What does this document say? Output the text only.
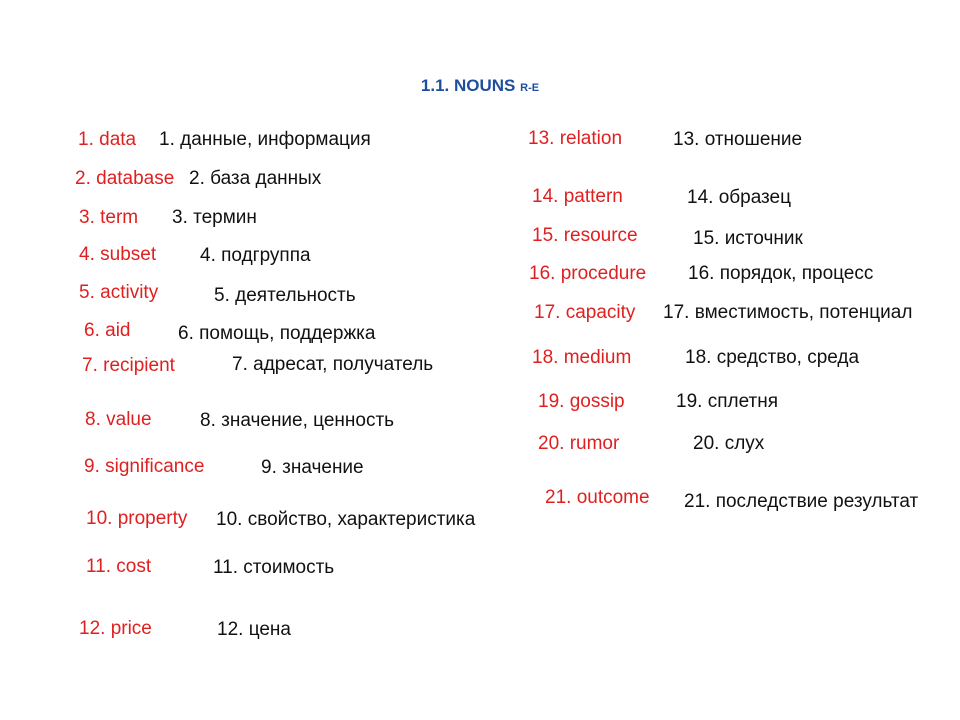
1.1. NOUNS R-E
1. data 1. данные, информация
2. database 2. база данных
3. term 3. термин
4. subset 4. подгруппа
5. activity	5. деятельность
6. aid	6. помощь, поддержка
7. recipient	7. адресат, получатель
8. value	8. значение, ценность
9. significance	9. значение
10. property 10. свойство, характеристика
11. cost	11. стоимость
12. price	12. цена
13. relation	13. отношение
14. pattern	14. образец
15. resource	15. источник
16. procedure 16. порядок, процесс
17. capacity 17. вместимость, потенциал
18. medium	18. средство, среда
19. gossip	19. сплетня
20. rumor	20. слух
21. outcome 21. последствие результат
